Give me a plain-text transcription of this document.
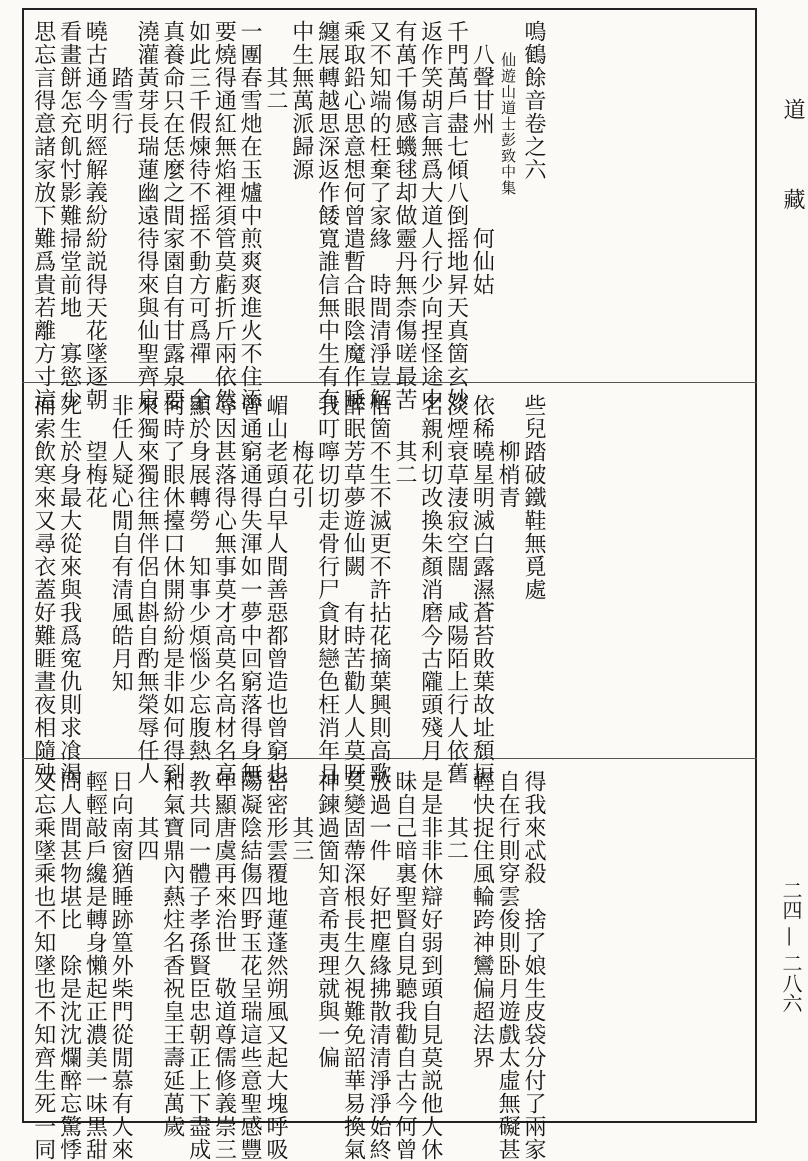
道
藏
二四 — 二八六
鳴鶴餘音卷之六
　　仙遊山道士彭致中集
　八聲甘州　　　　何仙姑
千門萬戶盡七傾八倒摇地昇天真箇玄妙
返作笑胡言無爲大道人行少向捏怪途中
有萬千傷感蟣毬却做靈丹無柰傷嗟最苦
又不知端的枉棄了家緣　時間清淨豈解
乘取鉛心思意想何曾遣暫合眼陰魔作睡
纏展轉越思深返作餧寬誰信無中生有有
中生無萬派歸源
　　其二
一團春雪灺在玉爐中煎爽爽進火不住添
要燒得通紅無焰裡須管莫虧折斤兩依然
如此三千假煉待不摇不動方可爲禪　全
真養命只在恁麼之間家園自有甘露泉要
澆灌黃芽長瑞蓮幽遠待得來與仙聖齊肩
　　踏雪行
曉古通今明經解義紛紛説得天花墜逐朝
看畫餅怎充飢忖影難掃堂前地　寡慾少
思忘言得意諸家放下難爲貴若離方寸這
些兒踏破鐵鞋無覓處
　　柳梢青
依稀曉星明滅白露濕蒼苔敗葉故址頹垣
淡煙衰草淒寂空闊　咸陽陌上行人依舊
名親利切改換朱顏消磨今古隴頭殘月
　　其二
悟箇不生不滅更不許拈花摘葉興則高歌
醉眠芳草夢遊仙闕　有時苦勸人人莫呀
我叮嚀切切走骨行尸貪財戀色枉消年月
　　梅花引
嵋山老頭白早人間善惡都曾造也曾窮也
曾通窮通得失渾如一夢中回窮落得身無
辱因甚落得心無事莫才高莫名高材名高
顯於身展轉勞　知事少煩惱少忘腹熱
何時了眼休擡口休開紛紛是非如何得到
來獨來獨往無伴侶自斟自酌無榮辱任人
非任人疑心閒自有清風皓月知
　　望梅花
死生於身最大從來與我爲寃仇則求飡渴
而索飲寒來又尋衣蓋好難睚晝夜相隨殃
得我來忒殺　捨了娘生皮袋分付了兩家
自在行則穿雲俊則卧月遊戲太虛無礙甚
輕快捉住風輪跨神鸞偏超法界
　　其二
是是非非休辯好弱到頭自見莫説他人休
昧自己暗裏聖賢自見聽我勸自古今何曾
放過一件　好把塵緣拂散清清淨淨始終
莫變固蔕深根長生久視難免韶華易換氣
神鍊過箇知音希夷理就與一偏
　　其三
密密形雲覆地蓮蓬然朔風又起大塊呼吸
陽凝陰結傷四野玉花呈瑞這些意聖感豐
年顯唐虞再來治世　敬道尊儒修義崇三
教共同一體子孝孫賢臣忠朝正上下盡成
和氣寶鼎內爇炷名香祝皇王壽延萬歲
　　其四
日向南窗猶睡跡篁外柴門從閒慕有人來
輕輕敲戶纔是轉身懶起正濃美一味黒甜
問人間甚物堪比　除是沈沈爛醉忘驚悸
又忘乘墜乘也不知墜也不知齊生死一同
